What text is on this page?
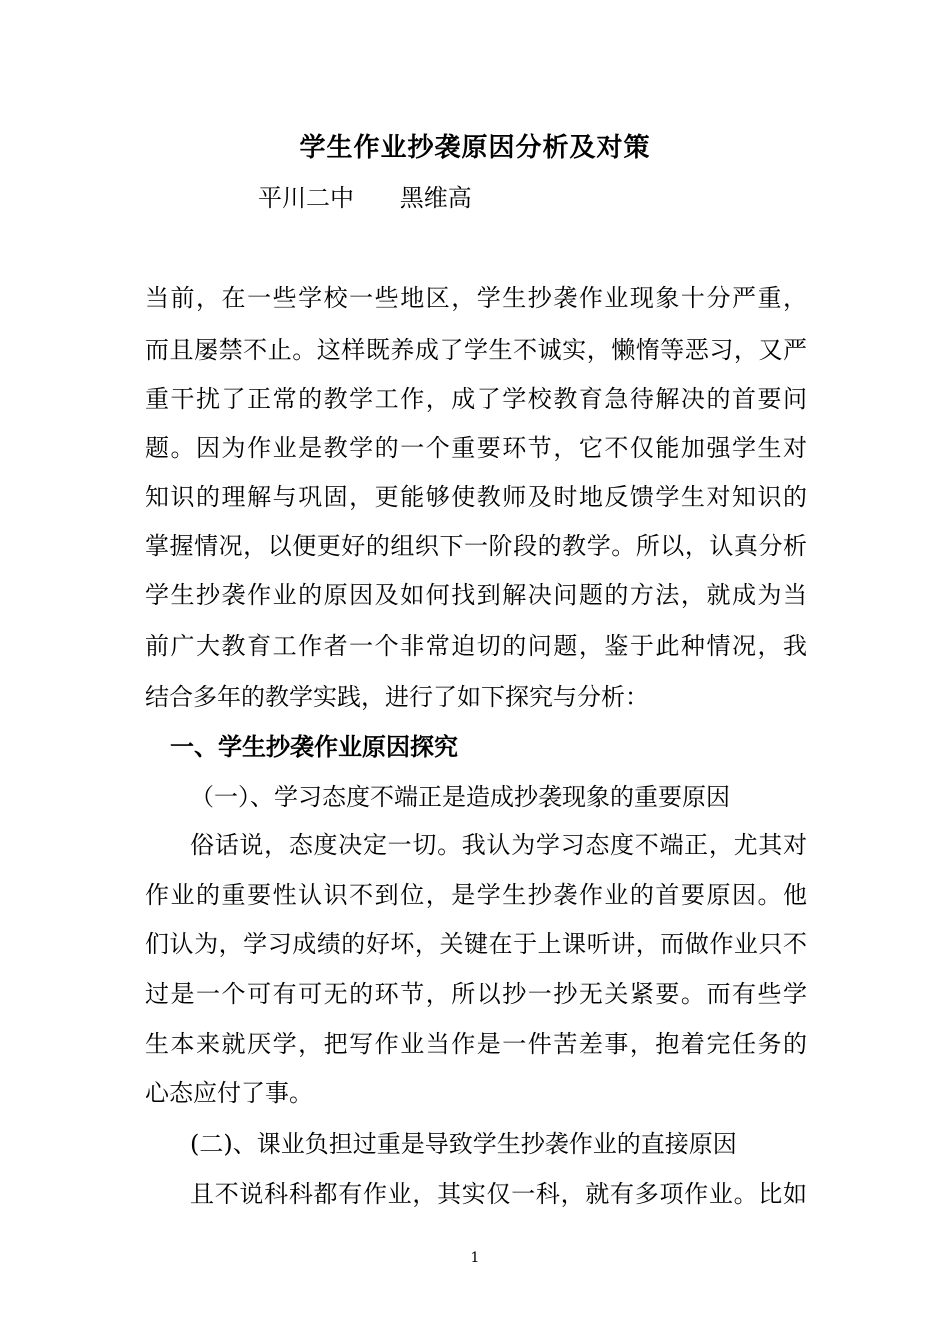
学生作业抄袭原因分析及对策
平川二中      黑维高
当前，在一些学校一些地区，学生抄袭作业现象十分严重，
而且屡禁不止。这样既养成了学生不诚实，懒惰等恶习，又严
重干扰了正常的教学工作，成了学校教育急待解决的首要问
题。因为作业是教学的一个重要环节，它不仅能加强学生对
知识的理解与巩固，更能够使教师及时地反馈学生对知识的
掌握情况，以便更好的组织下一阶段的教学。所以，认真分析
学生抄袭作业的原因及如何找到解决问题的方法，就成为当
前广大教育工作者一个非常迫切的问题，鉴于此种情况，我
结合多年的教学实践，进行了如下探究与分析：
一、学生抄袭作业原因探究
（一）、学习态度不端正是造成抄袭现象的重要原因
俗话说，态度决定一切。我认为学习态度不端正，尤其对
作业的重要性认识不到位，是学生抄袭作业的首要原因。他
们认为，学习成绩的好坏，关键在于上课听讲，而做作业只不
过是一个可有可无的环节，所以抄一抄无关紧要。而有些学
生本来就厌学，把写作业当作是一件苦差事，抱着完任务的
心态应付了事。
(二)、课业负担过重是导致学生抄袭作业的直接原因
且不说科科都有作业，其实仅一科，就有多项作业。比如
1
